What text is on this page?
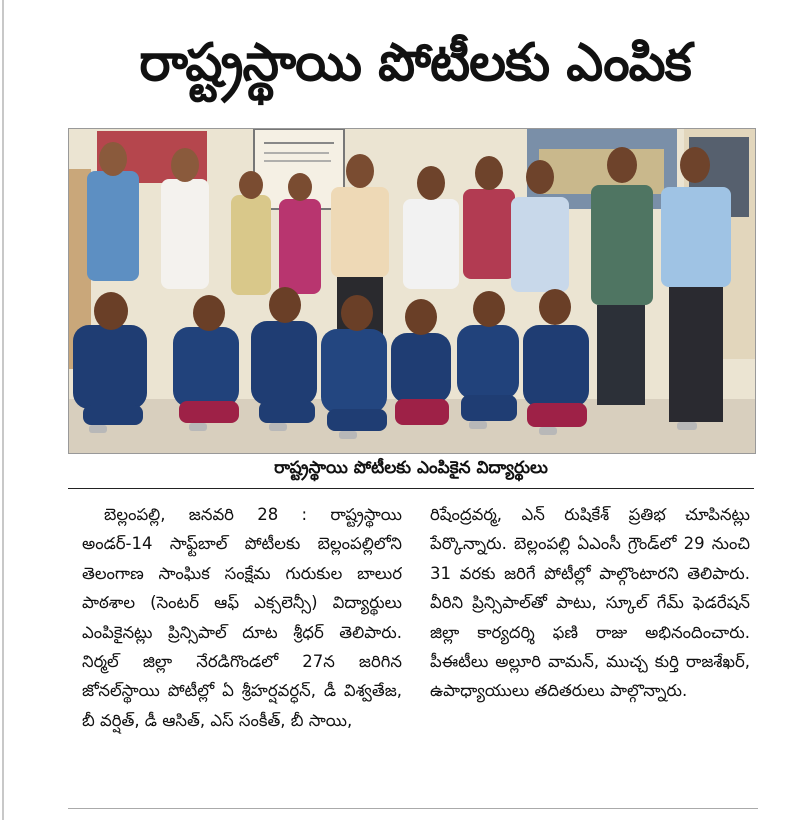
రాష్ట్రస్థాయి పోటీలకు ఎంపిక
రాష్ట్రస్థాయి పోటీలకు ఎంపికైన విద్యార్థులు

బెల్లంపల్లి, జనవరి 28 : రాష్ట్రస్థాయి అండర్-14 సాఫ్ట్‌బాల్ పోటీలకు బెల్లంపల్లిలోని తెలంగాణ సాంఘిక సంక్షేమ గురుకుల బాలుర పాఠశాల (సెంటర్ ఆఫ్ ఎక్సలెన్సీ) విద్యార్థులు ఎంపికైనట్లు ప్రిన్సిపాల్ దూట శ్రీధర్ తెలిపారు. నిర్మల్ జిల్లా నేరడిగొండలో 27న జరిగిన జోనల్‌స్థాయి పోటీల్లో ఏ శ్రీహర్షవర్ధన్, డీ విశ్వతేజ, బీ వర్షిత్, డీ ఆసిత్, ఎస్ సంకీత్, బీ సాయి,

రిషేంద్రవర్మ, ఎన్ రుషికేశ్ ప్రతిభ చూపినట్లు పేర్కొన్నారు. బెల్లంపల్లి ఏఎంసీ గ్రౌండ్‌లో 29 నుంచి 31 వరకు జరిగే పోటీల్లో పాల్గొంటారని తెలిపారు. వీరిని ప్రిన్సిపాల్‌తో పాటు, స్కూల్ గేమ్ ఫెడరేషన్ జిల్లా కార్యదర్శి ఫణి రాజు అభినందించారు. పీఈటీలు అల్లూరి వామన్, ముచ్చ కుర్తి రాజశేఖర్, ఉపాధ్యాయులు తదితరులు పాల్గొన్నారు.
